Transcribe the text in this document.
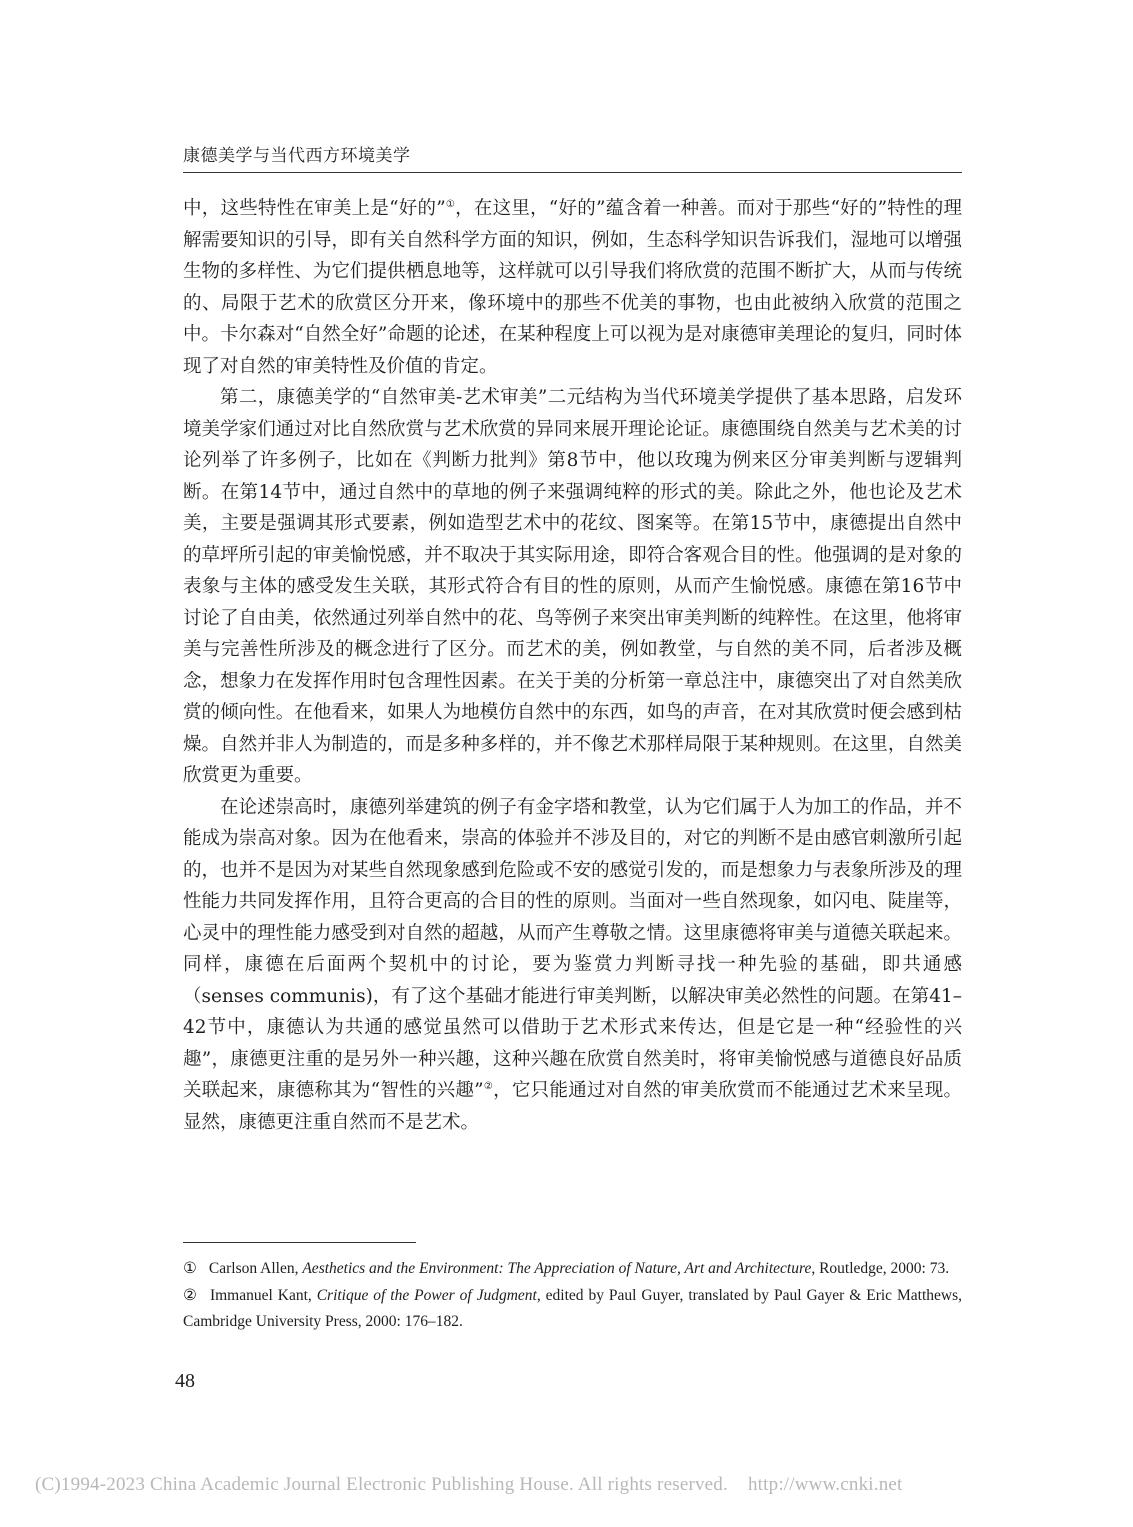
康德美学与当代西方环境美学

中，这些特性在审美上是“好的”①，在这里，“好的”蕴含着一种善。而对于那些“好的”特性的理解需要知识的引导，即有关自然科学方面的知识，例如，生态科学知识告诉我们，湿地可以增强生物的多样性、为它们提供栖息地等，这样就可以引导我们将欣赏的范围不断扩大，从而与传统的、局限于艺术的欣赏区分开来，像环境中的那些不优美的事物，也由此被纳入欣赏的范围之中。卡尔森对“自然全好”命题的论述，在某种程度上可以视为是对康德审美理论的复归，同时体现了对自然的审美特性及价值的肯定。

第二，康德美学的“自然审美-艺术审美”二元结构为当代环境美学提供了基本思路，启发环境美学家们通过对比自然欣赏与艺术欣赏的异同来展开理论论证。康德围绕自然美与艺术美的讨论列举了许多例子，比如在《判断力批判》第8节中，他以玫瑰为例来区分审美判断与逻辑判断。在第14节中，通过自然中的草地的例子来强调纯粹的形式的美。除此之外，他也论及艺术美，主要是强调其形式要素，例如造型艺术中的花纹、图案等。在第15节中，康德提出自然中的草坪所引起的审美愉悦感，并不取决于其实际用途，即符合客观合目的性。他强调的是对象的表象与主体的感受发生关联，其形式符合有目的性的原则，从而产生愉悦感。康德在第16节中讨论了自由美，依然通过列举自然中的花、鸟等例子来突出审美判断的纯粹性。在这里，他将审美与完善性所涉及的概念进行了区分。而艺术的美，例如教堂，与自然的美不同，后者涉及概念，想象力在发挥作用时包含理性因素。在关于美的分析第一章总注中，康德突出了对自然美欣赏的倾向性。在他看来，如果人为地模仿自然中的东西，如鸟的声音，在对其欣赏时便会感到枯燥。自然并非人为制造的，而是多种多样的，并不像艺术那样局限于某种规则。在这里，自然美欣赏更为重要。

在论述崇高时，康德列举建筑的例子有金字塔和教堂，认为它们属于人为加工的作品，并不能成为崇高对象。因为在他看来，崇高的体验并不涉及目的，对它的判断不是由感官刺激所引起的，也并不是因为对某些自然现象感到危险或不安的感觉引发的，而是想象力与表象所涉及的理性能力共同发挥作用，且符合更高的合目的性的原则。当面对一些自然现象，如闪电、陡崖等，心灵中的理性能力感受到对自然的超越，从而产生尊敬之情。这里康德将审美与道德关联起来。同样，康德在后面两个契机中的讨论，要为鉴赏力判断寻找一种先验的基础，即共通感（senses communis)，有了这个基础才能进行审美判断，以解决审美必然性的问题。在第41–42节中，康德认为共通的感觉虽然可以借助于艺术形式来传达，但是它是一种“经验性的兴趣”，康德更注重的是另外一种兴趣，这种兴趣在欣赏自然美时，将审美愉悦感与道德良好品质关联起来，康德称其为“智性的兴趣”②，它只能通过对自然的审美欣赏而不能通过艺术来呈现。显然，康德更注重自然而不是艺术。

① Carlson Allen, Aesthetics and the Environment: The Appreciation of Nature, Art and Architecture, Routledge, 2000: 73.

② Immanuel Kant, Critique of the Power of Judgment, edited by Paul Guyer, translated by Paul Gayer & Eric Matthews, Cambridge University Press, 2000: 176–182.

48
(C)1994-2023 China Academic Journal Electronic Publishing House. All rights reserved. http://www.cnki.net
